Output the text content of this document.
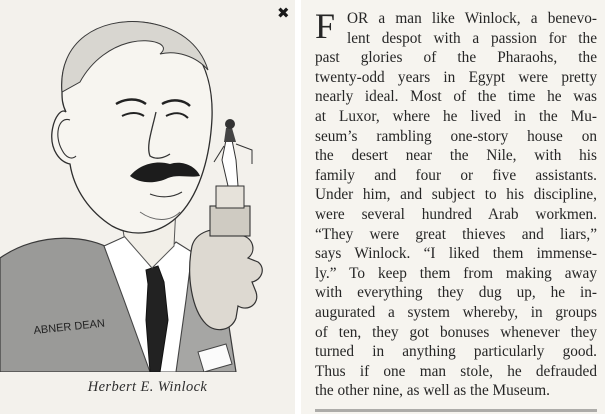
ABNER DEAN
Herbert E. Winlock
✖ F OR a man like Winlock, a benevo-
lent despot with a passion for the
past glories of the Pharaohs, the
twenty-odd years in Egypt were pretty
nearly ideal. Most of the time he was
at Luxor, where he lived in the Mu-
seum’s rambling one-story house on
the desert near the Nile, with his
family and four or five assistants.
Under him, and subject to his discipline,
were several hundred Arab workmen.
“They were great thieves and liars,”
says Winlock. “I liked them immense-
ly.” To keep them from making away
with everything they dug up, he in-
augurated a system whereby, in groups
of ten, they got bonuses whenever they
turned in anything particularly good.
Thus if one man stole, he defrauded
the other nine, as well as the Museum.
